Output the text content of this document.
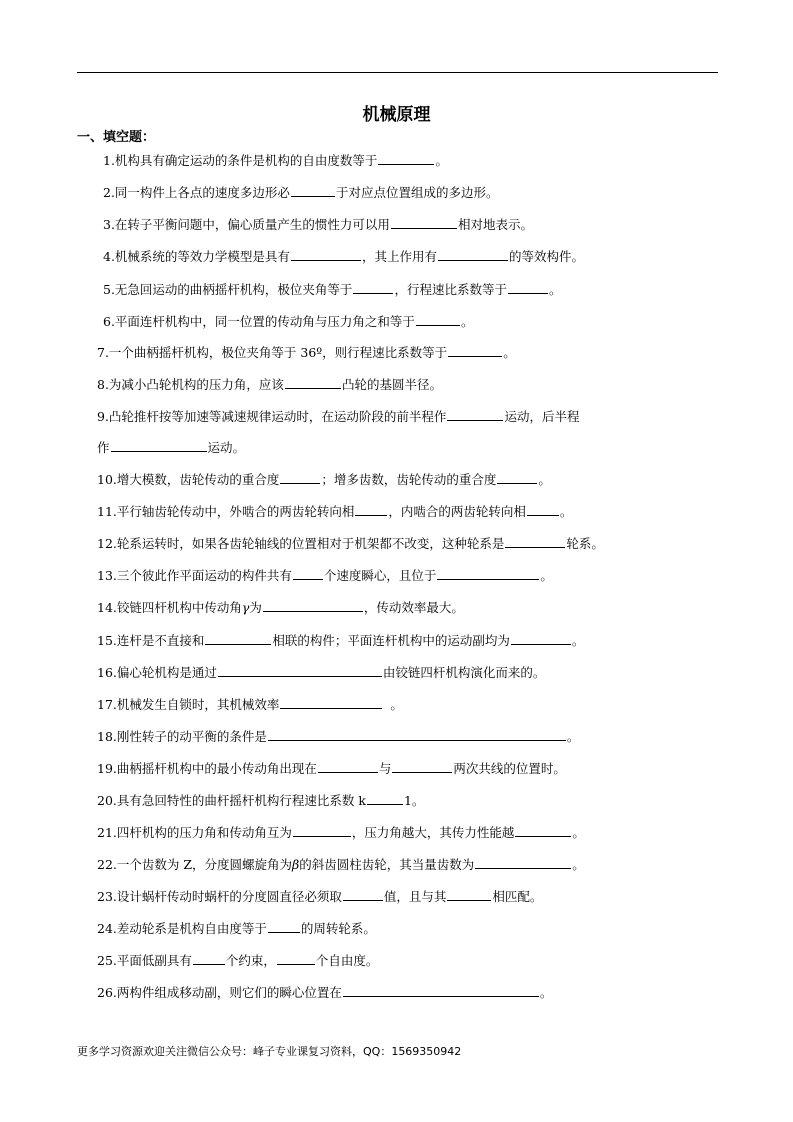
机械原理
一、填空题：
1.机构具有确定运动的条件是机构的自由度数等于	。
2.同一构件上各点的速度多边形必	于对应点位置组成的多边形。
3.在转子平衡问题中，偏心质量产生的惯性力可以用	相对地表示。
4.机械系统的等效力学模型是具有	，其上作用有	的等效构件。
5.无急回运动的曲柄摇杆机构，极位夹角等于	，行程速比系数等于	。
6.平面连杆机构中，同一位置的传动角与压力角之和等于	。
7.一个曲柄摇杆机构，极位夹角等于 36º，则行程速比系数等于	。
8.为减小凸轮机构的压力角，应该	凸轮的基圆半径。
9.凸轮推杆按等加速等减速规律运动时，在运动阶段的前半程作	运动，后半程
作	运动。
10.增大模数，齿轮传动的重合度	；增多齿数，齿轮传动的重合度	。
11.平行轴齿轮传动中，外啮合的两齿轮转向相	，内啮合的两齿轮转向相	。
12.轮系运转时，如果各齿轮轴线的位置相对于机架都不改变，这种轮系是	轮系。
13.三个彼此作平面运动的构件共有	个速度瞬心，且位于	。
14.铰链四杆机构中传动角γ为	，传动效率最大。
15.连杆是不直接和	相联的构件；平面连杆机构中的运动副均为	。
16.偏心轮机构是通过	由铰链四杆机构演化而来的。
17.机械发生自锁时，其机械效率	。
18.刚性转子的动平衡的条件是	。
19.曲柄摇杆机构中的最小传动角出现在	与	两次共线的位置时。
20.具有急回特性的曲杆摇杆机构行程速比系数 k	1。
21.四杆机构的压力角和传动角互为	，压力角越大，其传力性能越	。
22.一个齿数为 Z，分度圆螺旋角为β的斜齿圆柱齿轮，其当量齿数为	。
23.设计蜗杆传动时蜗杆的分度圆直径必须取	值，且与其	相匹配。
24.差动轮系是机构自由度等于	的周转轮系。
25.平面低副具有	个约束，	个自由度。
26.两构件组成移动副，则它们的瞬心位置在	。
更多学习资源欢迎关注微信公众号：峰子专业课复习资料，QQ：1569350942
